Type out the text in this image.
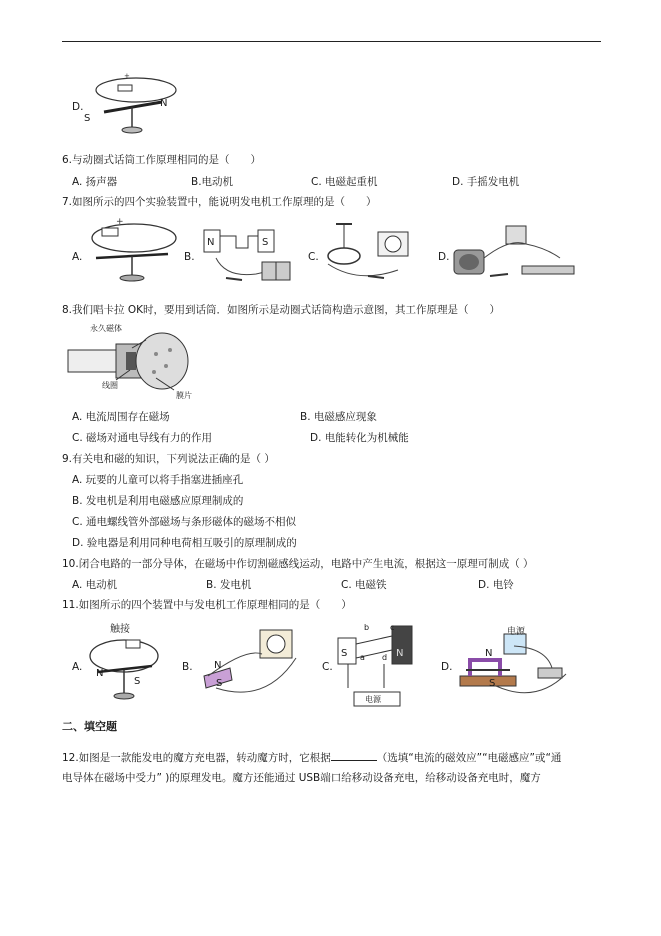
D.
+
S
N
6.与动圈式话筒工作原理相同的是（　　）
A. 扬声器	B.电动机	C. 电磁起重机	D. 手摇发电机
7.如图所示的四个实验装置中，能说明发电机工作原理的是（　　）
A.	B.	C.	D.
+
N	S
8.我们唱卡拉 OK时，要用到话筒．如图所示是动圈式话筒构造示意图，其工作原理是（　　）
永久磁体
线圈
膜片
A. 电流周围存在磁场	B. 电磁感应现象
C. 磁场对通电导线有力的作用	D. 电能转化为机械能
9.有关电和磁的知识，下列说法正确的是（ ）
A. 玩要的儿童可以将手指塞进插座孔
B. 发电机是利用电磁感应原理制成的
C. 通电螺线管外部磁场与条形磁体的磁场不相似
D. 验电器是利用同种电荷相互吸引的原理制成的
10.闭合电路的一部分导体，在磁场中作切割磁感线运动，电路中产生电流，根据这一原理可制成（ ）
A. 电动机	B. 发电机	C. 电磁铁	D. 电铃
11.如图所示的四个装置中与发电机工作原理相同的是（　　）
A.	B.	C.	D.
触接
N
S
N
S
S	N
b	c
a d
电源
电源
N
S
二、填空题
12.如图是一款能发电的魔方充电器，转动魔方时，它根据	（选填“电流的磁效应”“电磁感应”或“通
电导体在磁场中受力” )的原理发电。魔方还能通过 USB端口给移动设备充电，给移动设备充电时，魔方
